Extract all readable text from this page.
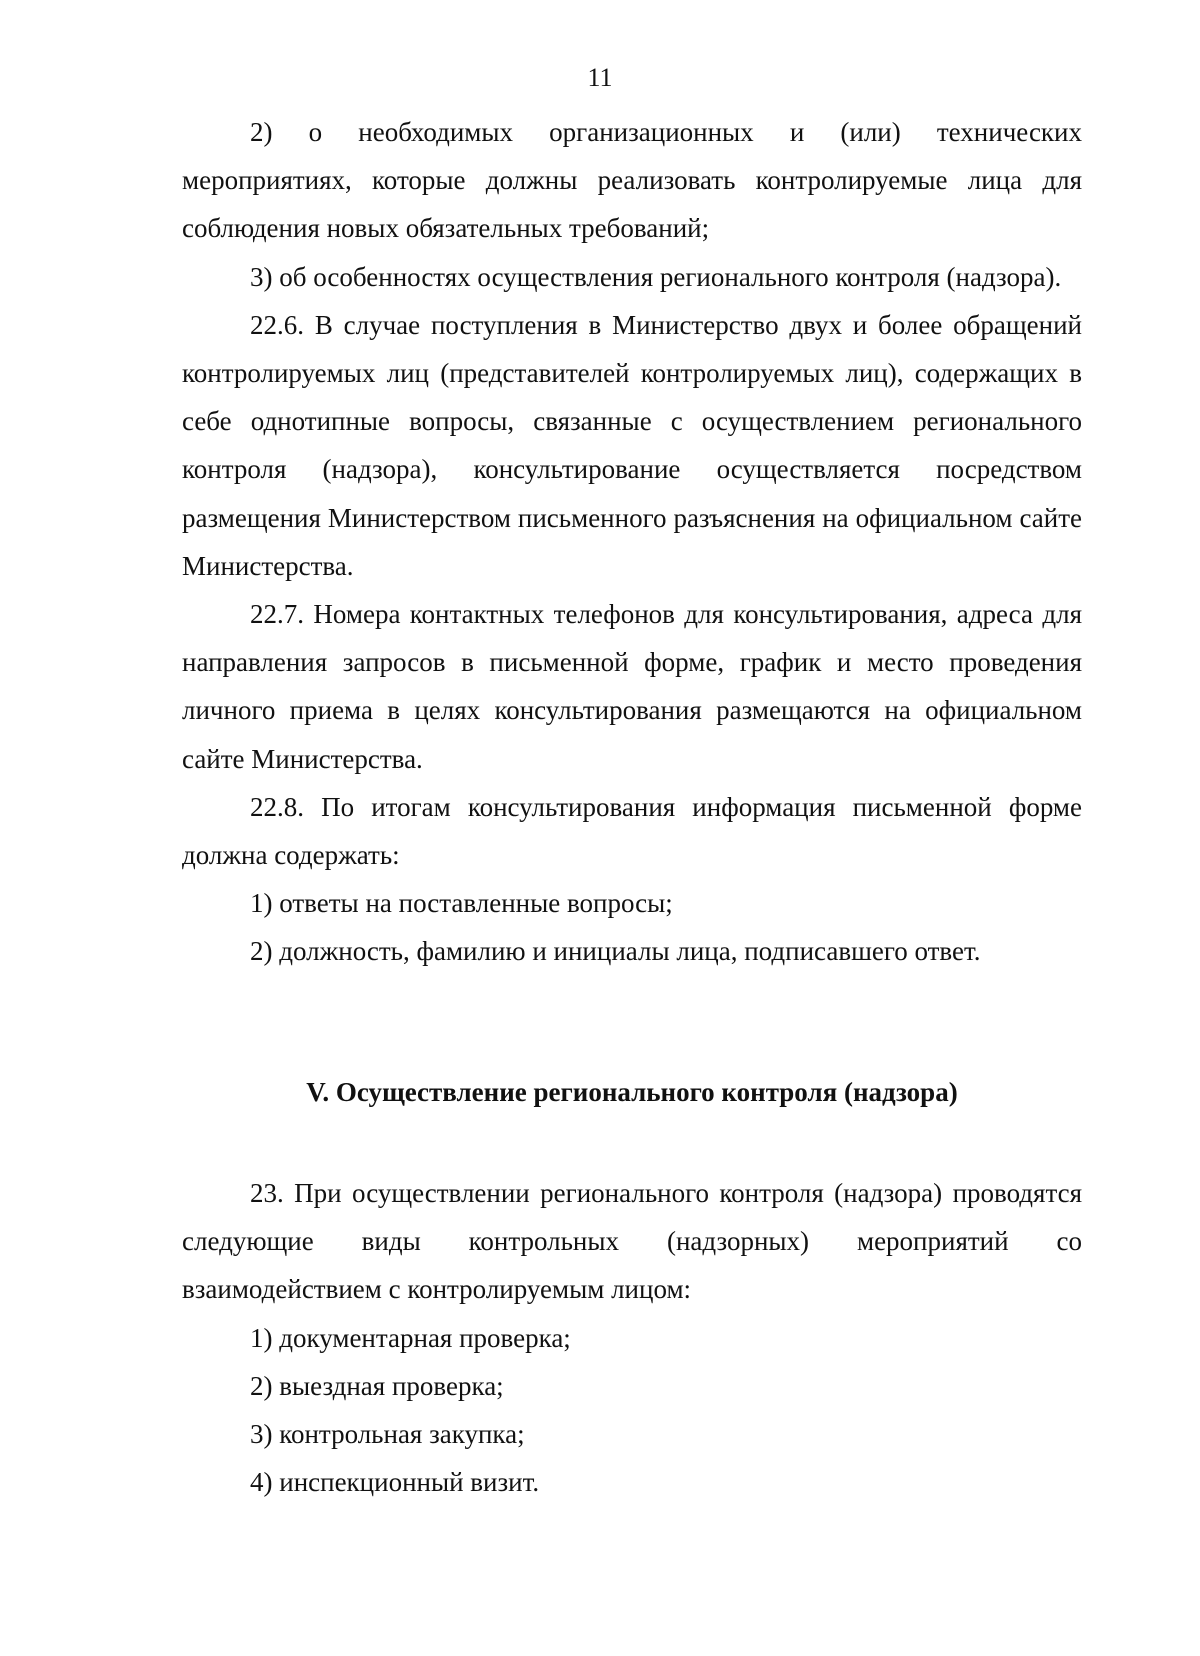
11

2) о необходимых организационных и (или) технических мероприятиях, которые должны реализовать контролируемые лица для соблюдения новых обязательных требований;

3) об особенностях осуществления регионального контроля (надзора).

22.6. В случае поступления в Министерство двух и более обращений контролируемых лиц (представителей контролируемых лиц), содержащих в себе однотипные вопросы, связанные с осуществлением регионального контроля (надзора), консультирование осуществляется посредством размещения Министерством письменного разъяснения на официальном сайте Министерства.

22.7. Номера контактных телефонов для консультирования, адреса для направления запросов в письменной форме, график и место проведения личного приема в целях консультирования размещаются на официальном сайте Министерства.

22.8. По итогам консультирования информация письменной форме должна содержать:

1) ответы на поставленные вопросы;

2) должность, фамилию и инициалы лица, подписавшего ответ.

V. Осуществление регионального контроля (надзора)

23. При осуществлении регионального контроля (надзора) проводятся следующие виды контрольных (надзорных) мероприятий со взаимодействием с контролируемым лицом:

1) документарная проверка;

2) выездная проверка;

3) контрольная закупка;

4) инспекционный визит.
